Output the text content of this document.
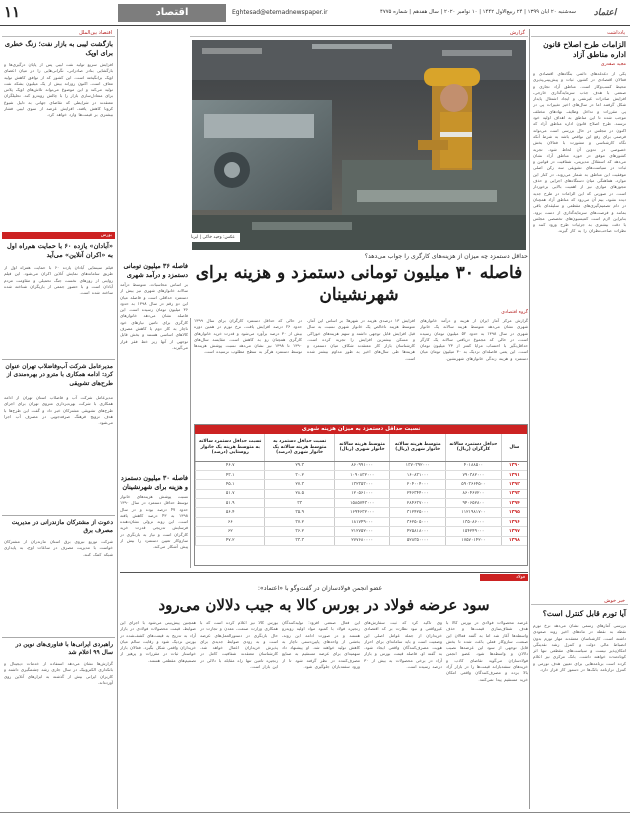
۱۱	اقتصاد	Eghtesad@etemadnewspaper.ir	سه‌شنبه ۲۰ آبان ۱۳۹۹ | ۲۴ ربیع‌الاول ۱۴۴۲ | ۱۰ نوامبر ۲۰۲۰ | سال هفدهم | شماره ۴۷۷۵	اعتماد
یادداشت
الزامات طرح اصلاح قانون اداره مناطق آزاد
مجید صفدری
یکی از دغدغه‌های دائمی بنگاه‌های اقتصادی و فعالان اقتصادی در کشور، ثبات و پیش‌بینی‌پذیری محیط کسب‌وکار است. مناطق آزاد تجاری و صنعتی با هدف جذب سرمایه‌گذاری خارجی، افزایش صادرات غیرنفتی و ایجاد اشتغال پایدار شکل گرفتند اما در سال‌های اخیر تغییرات پی در پی مقررات و تداخل وظایف نهادهای مختلف موجب شده تا این مناطق به اهداف اولیه خود نرسند. طرح اصلاح قانون اداره مناطق آزاد که اکنون در مجلس در حال بررسی است می‌تواند فرصتی برای رفع این نواقص باشد به شرط آنکه نگاه کارشناسی و مشورت با فعالان بخش خصوصی در تدوین آن لحاظ شود. تجربه کشورهای موفق در حوزه مناطق آزاد نشان می‌دهد که استقلال مدیریتی، شفافیت در قوانین و ثبات در سیاست‌های تشویقی سه رکن اصلی موفقیت این مناطق به شمار می‌روند. در کنار این موارد، هماهنگی میان دستگاه‌های اجرایی و حذف مجوزهای موازی نیز از اهمیت بالایی برخوردار است. در صورتی که این الزامات در طرح جدید دیده نشود، بیم آن می‌رود که مناطق آزاد همچنان در دام تصمیم‌گیری‌های مقطعی و سلیقه‌ای باقی بمانند و فرصت‌های سرمایه‌گذاری از دست برود. بنابراین لازم است کمیسیون‌های تخصصی مجلس با دقت بیشتری به جزئیات طرح ورود کنند و نظرات صاحب‌نظران را به کار گیرند.
خبر خوش
آیا تورم قابل کنترل است؟
بررسی آمارهای رسمی نشان می‌دهد نرخ تورم نقطه به نقطه در ماه‌های اخیر روند صعودی داشته است. کارشناسان معتقدند مهار تورم بدون انضباط مالی دولت و کنترل رشد نقدینگی امکان‌پذیر نیست و سیاست‌های مقطعی تنها اثر کوتاه‌مدت خواهند داشت. بانک مرکزی نیز اعلام کرده است برنامه‌هایی برای تعیین هدف تورمی و کنترل ترازنامه بانک‌ها در دستور کار قرار دارد.
گزارش
عکس: وحید خاکی | ایرنا
حداقل دستمزد چه میزان از هزینه‌های کارگری را جواب می‌دهد؟
فاصله ۳۰ میلیون تومانی دستمزد و هزینه برای شهرنشینان
گروه اقتصادی
گزارش مرکز آمار ایران از هزینه و درآمد خانوارهای شهری نشان می‌دهد متوسط هزینه سالانه یک خانوار شهری در سال ۱۳۹۸ به حدود ۵۲ میلیون تومان رسیده است، در حالی که مجموع دریافتی سالانه یک کارگر حداقل‌بگیر با احتساب مزایا کمتر از ۲۳ میلیون تومان است. این یعنی فاصله‌ای نزدیک به ۳۰ میلیون تومان میان دستمزد و هزینه زندگی خانوارهای شهرنشین.
افزایش ۱۳ درصدی هزینه در شهرها: بر اساس این آمار، متوسط هزینه ناخالص یک خانوار شهری نسبت به سال قبل افزایش قابل توجهی داشته و سهم هزینه‌های خوراکی و مسکن بیشترین افزایش را تجربه کرده است. کارشناسان بازار کار معتقدند شکاف میان دستمزد و هزینه‌ها طی سال‌های اخیر به طور مداوم بیشتر شده است.
در حالی که حداقل دستمزد کارگران برای سال ۱۳۹۹ حدود ۲۶ درصد افزایش یافت، نرخ تورم در همین دوره بیش از ۳۰ درصد برآورد می‌شود و قدرت خرید خانوارهای کارگری همچنان رو به کاهش است. مقایسه سال‌های ۱۳۹۰ تا ۱۳۹۸ نیز نشان می‌دهد نسبت پوشش هزینه‌ها توسط دستمزد هرگز به سطح مطلوب نرسیده است.
نسبت حداقل دستمزد به میزان هزینه شهری
سال	حداقل دستمزد سالانه کارگران (ریال)	متوسط هزینه سالانه خانوار شهری (ریال)	متوسط هزینه سالانه خانوار شهری (ریال)	نسبت حداقل دستمزد به متوسط هزینه سالانه یک خانوار شهری (درصد)	نسبت حداقل دستمزد سالانه به متوسط هزینه یک خانوار روستایی (درصد)
۱۳۹۰	۴۰۱۸۸۵۰۰	۱۳۷۰۳۹۲۰۰۰	۸۶۰۹۹۱۰۰۰	۲۹.۳	۴۶.۷
۱۳۹۱	۷۹۰۳۸۲۰۰۰	۱۶۰۸۳۱۰۰۰	۱۰۹۰۸۳۲۰۰۰	۳۰.۲	۴۳.۱
۱۳۹۲	۵۹۰۳۶۶۴۵۰۰	۲۰۴۰۰۴۰۰۰	۱۳۲۳۵۳۰۰۰	۲۷.۳	۴۵.۱
۱۳۹۳	۸۶۰۴۶۷۲۰۰	۲۴۶۳۴۴۰۰۰	۱۲۰۵۶۱۰۰۰	۲۸.۵	۵۱.۷
۱۳۹۴	۹۴۰۶۵۲۸۰۰	۲۸۴۶۳۷۰۰۰	۱۵۸۵۷۴۳۰۰۰	۳۳	۵۱.۹
۱۳۹۵	۱۱۲۱۹۸۱۷۰۰	۳۱۲۴۲۵۰۰۰	۱۶۹۴۶۳۲۰۰۰	۳۵.۹	۵۶.۴
۱۳۹۶	۱۳۵۰۸۶۰۰۰	۳۶۲۵۰۵۰۰۰	۱۸۱۷۴۹۰۰۰	۳۷.۲	۶۶
۱۳۹۷	۱۵۴۲۴۹۰۰۰	۴۲۵۸۱۸۰۰۰	۲۱۲۷۵۲۰۰۰	۳۶.۲	۶۲
۱۳۹۸	۱۷۵۷۰۱۴۲۰۰	۵۲۸۳۵۰۰۰۰	۲۷۷۶۸۰۰۰۰	۳۳.۳	۴۷.۲
فاصله ۳۶ میلیون تومانی دستمزد و درآمد شهری
بر اساس محاسبات، متوسط درآمد سالانه خانوارهای شهری نیز بیش از دستمزد حداقلی است و فاصله میان این دو رقم در سال ۱۳۹۸ به حدود ۳۶ میلیون تومان رسیده است. این فاصله نشان می‌دهد خانوارهای کارگری برای تامین نیازهای خود ناچار به کار دوم یا کاهش مصرف کالاهای اساسی هستند و بخش قابل توجهی از آنها زیر خط فقر قرار می‌گیرند.
فاصله ۳۰ میلیون دستمزد و هزینه برای شهرنشینان
نسبت پوشش هزینه‌های خانوار توسط حداقل دستمزد در سال ۱۳۹۰ حدود ۴۷ درصد بوده و در سال ۱۳۹۸ به ۴۳ درصد کاهش یافته است. این روند نزولی نشان‌دهنده فرسایش تدریجی قدرت خرید کارگران است و نیاز به بازنگری در سازوکار تعیین دستمزد را بیش از پیش آشکار می‌کند.
فولاد
عضو انجمن فولادسازان در گفت‌وگو با «اعتماد»:
سود عرضه فولاد در بورس کالا به جیب دلالان می‌رود
عرضه محصولات فولادی در بورس کالا با هدف شفاف‌سازی قیمت‌ها و حذف واسطه‌ها آغاز شد اما به گفته فعالان این صنعت، سازوکار فعلی باعث شده تا بخش قابل توجهی از سود این عرضه‌ها نصیب دلالان و واسطه‌ها شود. عضو انجمن فولادسازان می‌گوید تقاضای کاذب و خریدهای سفته‌بازانه قیمت‌ها را در بازار آزاد بالا برده و مصرف‌کنندگان واقعی امکان خرید مستقیم پیدا نمی‌کنند.
وی تاکید کرد که ثبت سفارش‌های غیرواقعی و نبود نظارت بر کد اقتصادی خریداران از جمله عوامل اصلی این وضعیت است و باید سامانه‌ای برای احراز هویت مصرف‌کنندگان واقعی ایجاد شود. به گفته او، فاصله قیمت بورس و بازار آزاد در برخی محصولات به بیش از ۳۰ درصد رسیده است.
این فعال صنعتی افزود: تولیدکنندگان زنجیره فولاد با کمبود مواد اولیه روبه‌رو هستند و در صورت ادامه این روند، بخشی از واحدهای پایین‌دستی ناچار به کاهش تولید خواهند شد. او پیشنهاد داد سهمیه‌ای برای عرضه مستقیم به صنایع مصرف‌کننده در نظر گرفته شود تا از ورود سفته‌بازان جلوگیری شود.
بورس کالا نیز اعلام کرده است که با همکاری وزارت صنعت، معدن و تجارت در حال بازنگری در دستورالعمل‌های عرضه است و به زودی ضوابط جدیدی برای پذیرش خریداران اعمال خواهد شد. کارشناسان معتقدند شفافیت کامل در زنجیره تامین تنها راه مقابله با دلالی در این بازار است.
همچنین پیش‌بینی می‌شود با اجرای این ضوابط، قیمت محصولات فولادی در بازار آزاد به تدریج به قیمت‌های کشف‌شده در بورس نزدیک شود و رقابت سالم میان خریداران واقعی شکل بگیرد. فعالان بازار خواستار ثبات در مقررات و پرهیز از تصمیم‌های مقطعی هستند.
اقتصاد بین‌الملل
بازگشت لیبی به بازار نفت؛ زنگ خطری برای اوپک
افزایش سریع تولید نفت لیبی پس از پایان درگیری‌ها و بازگشایی بنادر صادراتی، نگرانی‌هایی را در میان اعضای اوپک برانگیخته است. این کشور که از توافق کاهش تولید معاف است، اکنون روزانه بیش از یک میلیون بشکه نفت تولید می‌کند و این موضوع می‌تواند تلاش‌های اوپک پلاس برای متعادل‌سازی بازار را با چالش روبه‌رو کند. تحلیلگران معتقدند در شرایطی که تقاضای جهانی به دلیل شیوع کرونا کاهش یافته، افزایش عرضه از سوی لیبی فشار بیشتری بر قیمت‌ها وارد خواهد کرد.
بورس
«آبادان» یازده ۶۰ با حمایت هم‌راه اول به «اکران آنلاین» می‌آید
فیلم سینمایی آبادان یازده ۶۰ با حمایت همراه اول از طریق سامانه‌های نمایش آنلاین اکران می‌شود. این فیلم روایتی از روزهای نخست جنگ تحمیلی و مقاومت مردم آبادان است و با حضور جمعی از بازیگران شناخته شده ساخته شده است.
مدیرعامل شرکت آب‌وفاضلاب تهران عنوان کرد: ادامه همکاری با مترو در بهره‌مندی از طرح‌های تشویقی
مدیرعامل شرکت آب و فاضلاب استان تهران از ادامه همکاری با شرکت بهره‌برداری متروی تهران برای اجرای طرح‌های تشویقی مشترکان خبر داد و گفت این طرح‌ها با هدف ترویج فرهنگ صرفه‌جویی در مصرف آب اجرا می‌شود.
دعوت از مشترکان مازندرانی در مدیریت مصرف برق
شرکت توزیع نیروی برق استان مازندران از مشترکان خواست با مدیریت مصرف در ساعات اوج، به پایداری شبکه کمک کنند.
راهبردی ایرانی‌ها با فناوری‌های نوین در سال ۹۹ اعلام شد
گزارش‌ها نشان می‌دهد استفاده از خدمات دیجیتال و بانکداری الکترونیک در سال جاری رشد چشمگیری داشته و کاربران ایرانی بیش از گذشته به ابزارهای آنلاین روی آورده‌اند.
